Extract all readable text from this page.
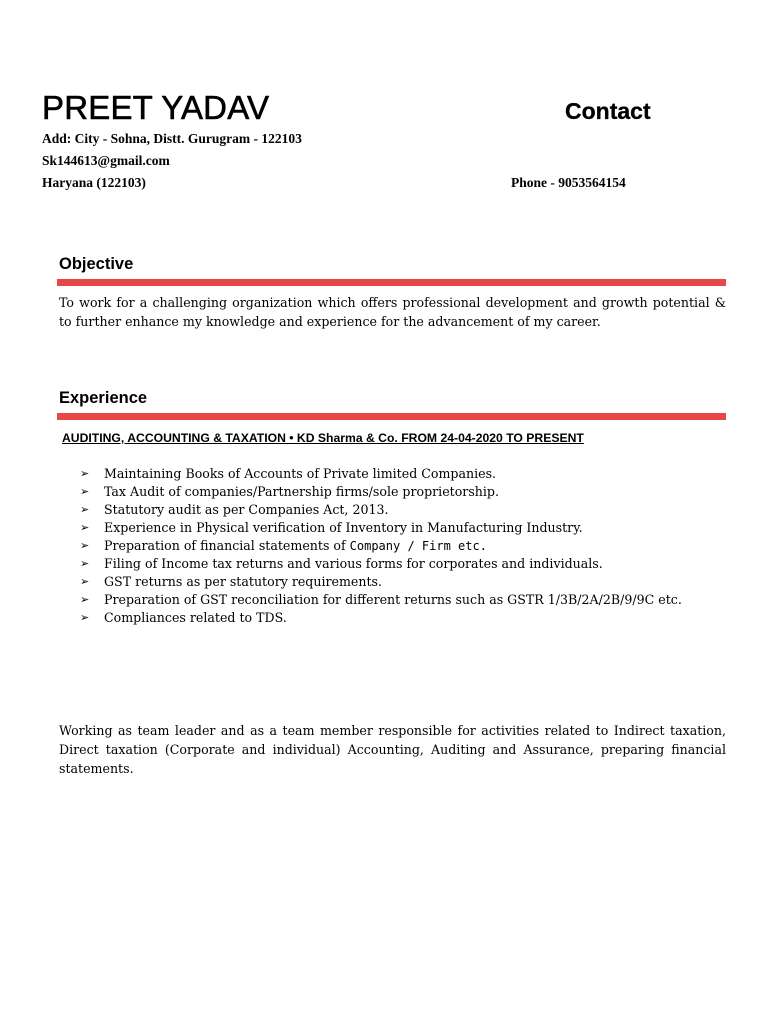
PREET YADAV	Contact
Add: City - Sohna, Distt. Gurugram - 122103
Sk144613@gmail.com
Haryana (122103)	Phone - 9053564154
Objective

To work for a challenging organization which offers professional development and growth potential & to further enhance my knowledge and experience for the advancement of my career.

Experience

AUDITING, ACCOUNTING & TAXATION • KD Sharma & Co. FROM 24-04-2020 TO PRESENT

➢ Maintaining Books of Accounts of Private limited Companies.
➢ Tax Audit of companies/Partnership firms/sole proprietorship.
➢ Statutory audit as per Companies Act, 2013.
➢ Experience in Physical verification of Inventory in Manufacturing Industry.
➢ Preparation of financial statements of Company / Firm etc.
➢ Filing of Income tax returns and various forms for corporates and individuals.
➢ GST returns as per statutory requirements.
➢ Preparation of GST reconciliation for different returns such as GSTR 1/3B/2A/2B/9/9C etc.
➢ Compliances related to TDS.

Working as team leader and as a team member responsible for activities related to Indirect taxation, Direct taxation (Corporate and individual) Accounting, Auditing and Assurance, preparing financial statements.
